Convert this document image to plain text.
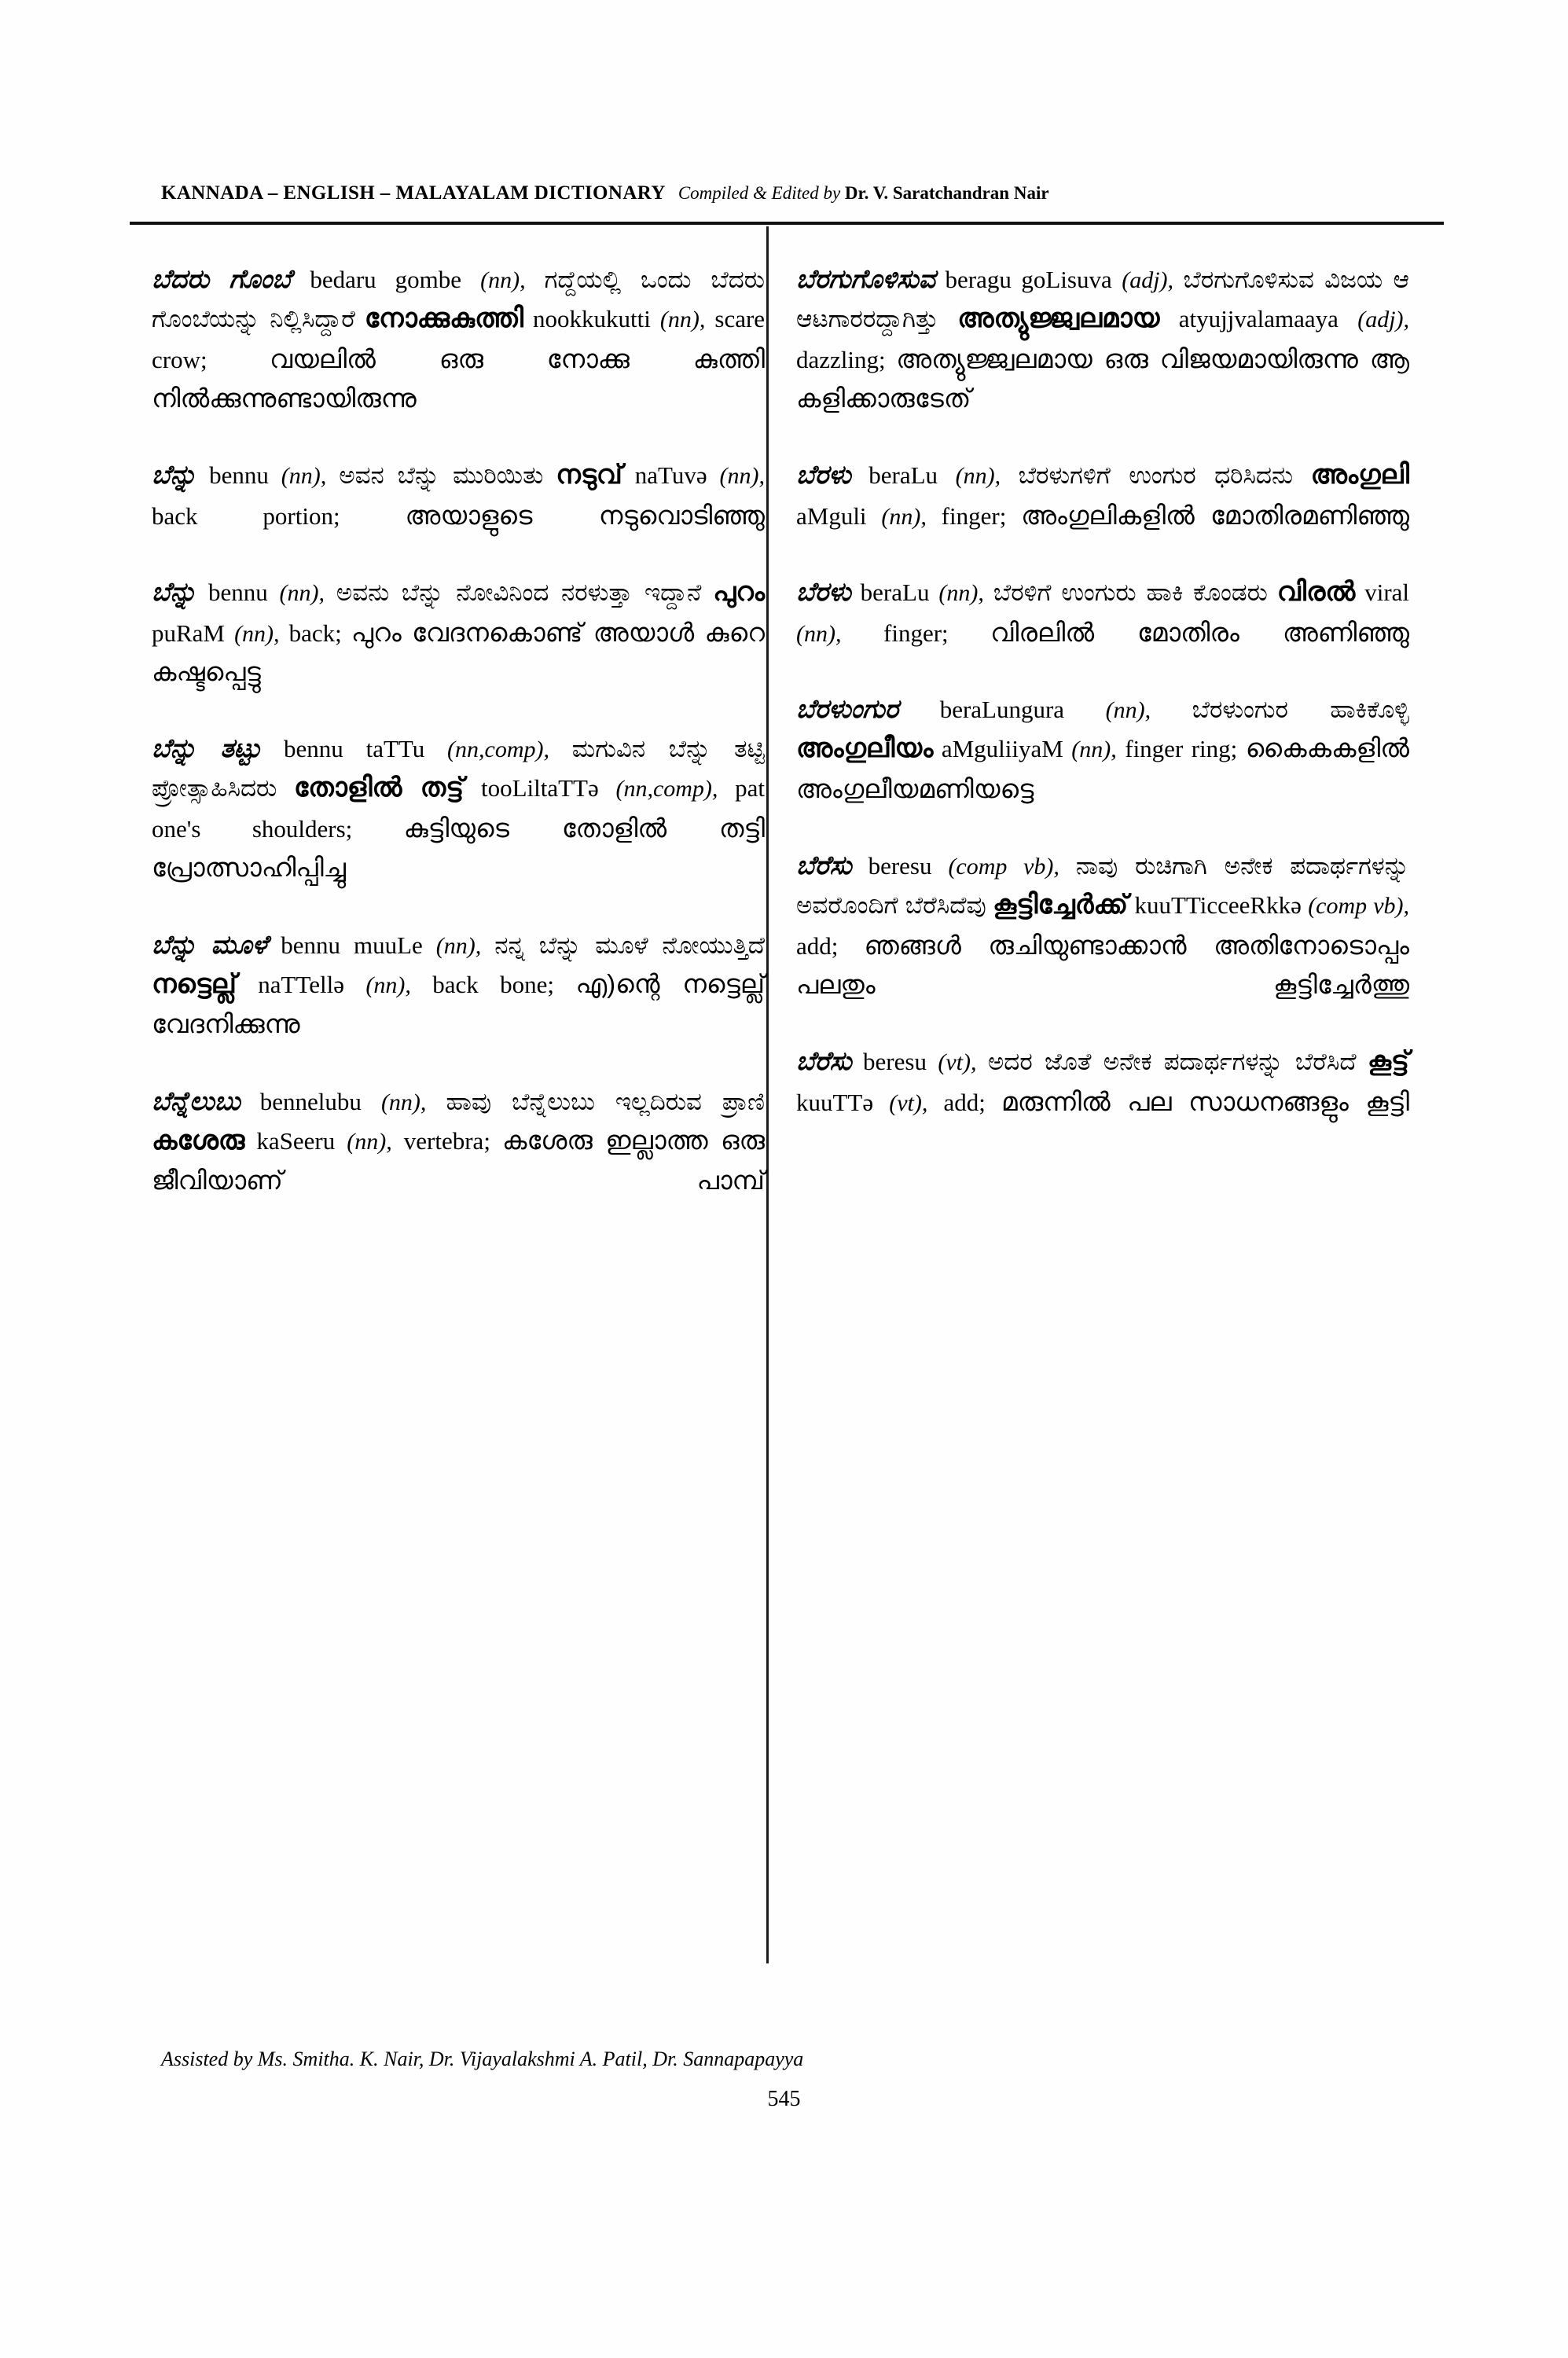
KANNADA – ENGLISH – MALAYALAM DICTIONARY Compiled & Edited by Dr. V. Saratchandran Nair

ಬೆದರು ಗೊಂಬೆ bedaru gombe (nn), ಗದ್ದೆಯಲ್ಲಿ ಒಂದು ಬೆದರು ಗೊಂಬೆಯನ್ನು ನಿಲ್ಲಿಸಿದ್ದಾರೆ നോക്കുകുത്തി nookkukutti (nn), scare crow; വയലിൽ ഒരു നോക്കു കുത്തി നിൽക്കുന്നുണ്ടായിരുന്നു

ಬೆನ್ನು bennu (nn), ಅವನ ಬೆನ್ನು ಮುರಿಯಿತು നടുവ് naTuvə (nn), back portion;	അയാളുടെ നടുവൊടിഞ്ഞു

ಬೆನ್ನು bennu (nn), ಅವನು ಬೆನ್ನು ನೋವಿನಿಂದ ನರಳುತ್ತಾ ಇದ್ದಾನೆ പുറം puRaM (nn), back; പുറം വേദനകൊണ്ട് അയാൾ കുറെ കഷ്ടപ്പെട്ടു

ಬೆನ್ನು ತಟ್ಟು bennu taTTu (nn,comp), ಮಗುವಿನ ಬೆನ್ನು ತಟ್ಟಿ ಪ್ರೋತ್ಸಾಹಿಸಿದರು തോളിൽ തട്ട് tooLiltaTTə (nn,comp), pat one's shoulders; കുട്ടിയുടെ തോളിൽ തട്ടി പ്രോത്സാഹിപ്പിച്ചു

ಬೆನ್ನು ಮೂಳೆ bennu muuLe (nn), ನನ್ನ ಬೆನ್ನು ಮೂಳೆ ನೋಯುತ್ತಿದೆ നട്ടെല്ല് naTTellə (nn), back bone; എ)ന്റെ നട്ടെല്ല് വേദനിക്കുന്നു

ಬೆನ್ನೆಲುಬು bennelubu (nn), ಹಾವು ಬೆನ್ನೆಲುಬು ಇಲ್ಲದಿರುವ ಪ್ರಾಣಿ കശേരു kaSeeru (nn), vertebra; കശേരു ഇല്ലാത്ത ഒരു ജീവിയാണ് പാമ്പ്

ಬೆರಗುಗೊಳಿಸುವ beragu goLisuva (adj), ಬೆರಗುಗೊಳಿಸುವ ವಿಜಯ ಆ ಆಟಗಾರರದ್ದಾಗಿತ್ತು അത്യുജ്ജ്വലമായ atyujjvalamaaya (adj), dazzling; അത്യുജ്ജ്വലമായ ഒരു വിജയമായിരുന്നു ആ കളിക്കാരുടേത്

ಬೆರಳು beraLu (nn), ಬೆರಳುಗಳಿಗೆ ಉಂಗುರ ಧರಿಸಿದನು അംഗുലി aMguli (nn), finger; അംഗുലികളിൽ മോതിരമണിഞ്ഞു

ಬೆರಳು beraLu (nn), ಬೆರಳಿಗೆ ಉಂಗುರು ಹಾಕಿ ಕೊಂಡರು വിരൽ viral (nn), finger; വിരലിൽ മോതിരം അണിഞ്ഞു

ಬೆರಳುಂಗುರ beraLungura (nn), ಬೆರಳುಂಗುರ ಹಾಕಿಕೊಳ್ಳಿ അംഗുലീയം aMguliiyaM (nn), finger ring; കൈകകളിൽ അംഗുലീയമണിയട്ടെ

ಬೆರೆಸು beresu (comp vb), ನಾವು ರುಚಿಗಾಗಿ ಅನೇಕ ಪದಾರ್ಥಗಳನ್ನು ಅವರೊಂದಿಗೆ ಬೆರೆಸಿದೆವು കൂട്ടിച്ചേർക്ക് kuuTTicceeRkkə (comp vb), add; ഞങ്ങൾ രുചിയുണ്ടാക്കാൻ അതിനോടൊപ്പം പലതും കൂട്ടിച്ചേർത്തു

ಬೆರೆಸು beresu (vt), ಅದರ ಜೊತೆ ಅನೇಕ ಪದಾರ್ಥಗಳನ್ನು ಬೆರೆಸಿದೆ കൂട്ട് kuuTTə (vt), add; മരുന്നിൽ പല സാധനങ്ങളും കൂട്ടി

Assisted by Ms. Smitha. K. Nair, Dr. Vijayalakshmi A. Patil, Dr. Sannapapayya
545
